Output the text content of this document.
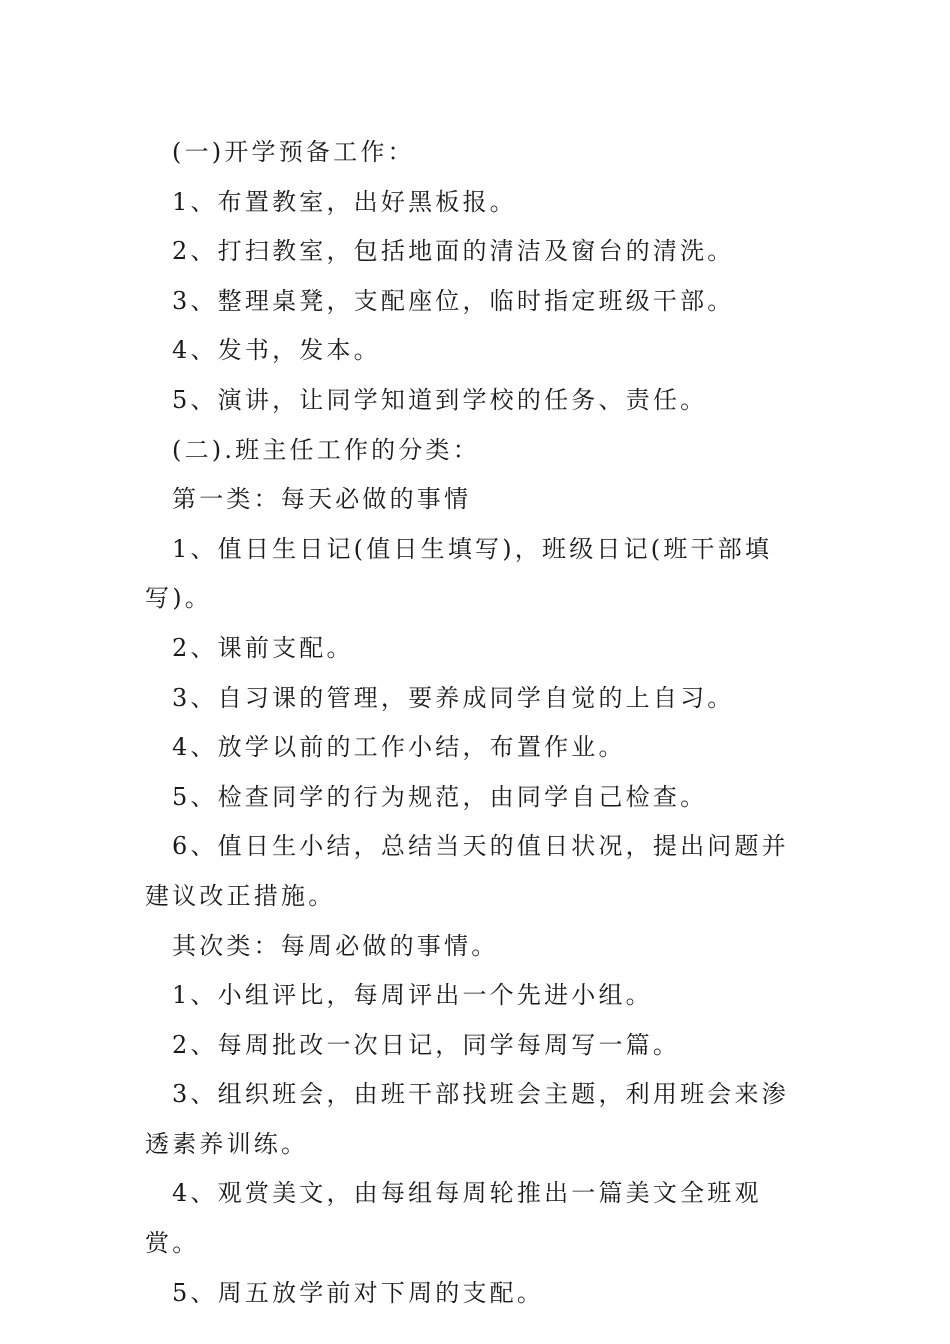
(一)开学预备工作：

1、布置教室，出好黑板报。

2、打扫教室，包括地面的清洁及窗台的清洗。

3、整理桌凳，支配座位，临时指定班级干部。

4、发书，发本。

5、演讲，让同学知道到学校的任务、责任。

(二).班主任工作的分类：

第一类：每天必做的事情

1、值日生日记(值日生填写)，班级日记(班干部填写)。

2、课前支配。

3、自习课的管理，要养成同学自觉的上自习。

4、放学以前的工作小结，布置作业。

5、检查同学的行为规范，由同学自己检查。

6、值日生小结，总结当天的值日状况，提出问题并建议改正措施。

其次类：每周必做的事情。

1、小组评比，每周评出一个先进小组。

2、每周批改一次日记，同学每周写一篇。

3、组织班会，由班干部找班会主题，利用班会来渗透素养训练。

4、观赏美文，由每组每周轮推出一篇美文全班观赏。

5、周五放学前对下周的支配。
